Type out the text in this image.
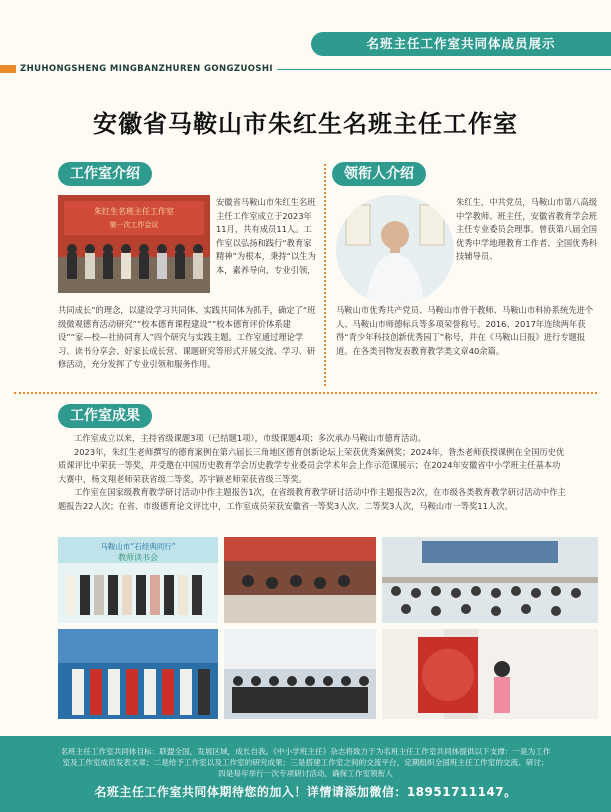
名班主任工作室共同体成员展示
ZHUHONGSHENG MINGBANZHUREN GONGZUOSHI
安徽省马鞍山市朱红生名班主任工作室
工作室介绍	领衔人介绍
朱红生名班主任工作室
第一次工作会议

安徽省马鞍山市朱红生名班主任工作室成立于2023年11月，共有成员11人。工作室以弘扬和践行“教育家精神”为根本，秉持“以生为本，素养导向，专业引领，

共同成长”的理念，以建设学习共同体、实践共同体为抓手，确定了“班级微观德育活动研究”“校本德育课程建设”“校本德育评价体系建设”“家—校—社协同育人”四个研究与实践主题。工作室通过理论学习、读书分享会、好家长成长营、课题研究等形式开展交流、学习、研修活动，充分发挥了专业引领和服务作用。

朱红生，中共党员，马鞍山市第八高级中学教师、班主任，安徽省教育学会班主任专业委员会理事。曾获第八届全国优秀中学地理教育工作者、全国优秀科技辅导员、

马鞍山市优秀共产党员、马鞍山市骨干教师、马鞍山市科协系统先进个人、马鞍山市师德标兵等多项荣誉称号。2016、2017年连续两年获得“青少年科技创新优秀园丁”称号，并在《马鞍山日报》进行专题报道。在各类刊物发表教育教学类文章40余篇。

工作室成果

工作室成立以来，主持省级课题3项（已结题1项），市级课题4项；多次承办马鞍山市德育活动。

2023年，朱红生老师撰写的德育案例在第六届长三角地区德育创新论坛上荣获优秀案例奖；2024年，昝杰老师获授课例在全国历史优质课评比中荣获一等奖，并受邀在中国历史教育学会历史教学专业委员会学术年会上作示范课展示；在2024年安徽省中小学班主任基本功大赛中，杨文翔老师荣获省级二等奖，苏宇颖老师荣获省级三等奖。

工作室在国家级教育教学研讨活动中作主题报告1次，在省级教育教学研讨活动中作主题报告2次，在市级各类教育教学研讨活动中作主题报告22人次；在省、市级德育论文评比中，工作室成员荣获安徽省一等奖3人次、二等奖3人次，马鞍山市一等奖11人次。

马鞍山市“石经典同行”
教师读书会
名班主任工作室共同体目标：联盟全国，发展区域，成长自我。《中小学班主任》杂志将致力于为名班主任工作室共同体提供以下支撑：一是为工作室及工作室成员发表文章；二是给予工作室以及工作室的研究成果；三是搭建工作室之间的交流平台，定期组织全国班主任工作室的交流、研讨；四是每年举行一次专项研讨活动，确保工作室领衔人
名班主任工作室共同体期待您的加入！详情请添加微信：18951711147。
